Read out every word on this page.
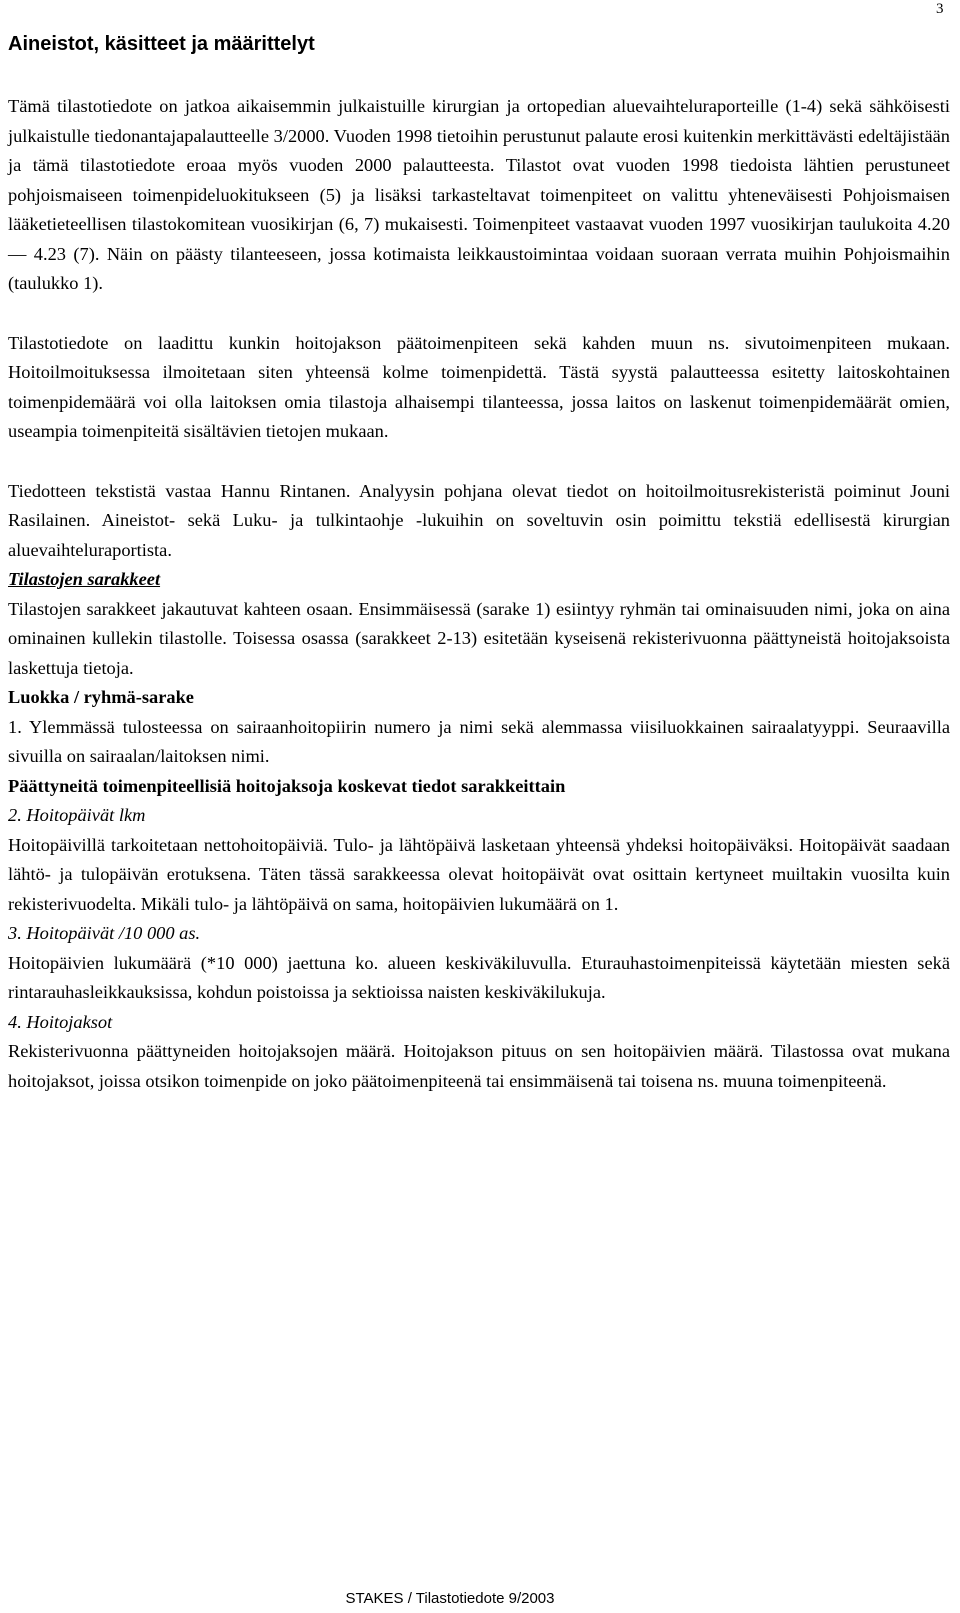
3
Aineistot, käsitteet ja määrittelyt

Tämä tilastotiedote on jatkoa aikaisemmin julkaistuille kirurgian ja ortopedian aluevaihteluraporteille (1-4) sekä sähköisesti julkaistulle tiedonantajapalautteelle 3/2000. Vuoden 1998 tietoihin perustunut palaute erosi kuitenkin merkittävästi edeltäjistään ja tämä tilastotiedote eroaa myös vuoden 2000 palautteesta. Tilastot ovat vuoden 1998 tiedoista lähtien perustuneet pohjoismaiseen toimenpideluokitukseen (5) ja lisäksi tarkasteltavat toimenpiteet on valittu yhteneväisesti Pohjoismaisen lääketieteellisen tilastokomitean vuosikirjan (6, 7) mukaisesti. Toimenpiteet vastaavat vuoden 1997 vuosikirjan taulukoita 4.20 — 4.23 (7). Näin on päästy tilanteeseen, jossa kotimaista leikkaustoimintaa voidaan suoraan verrata muihin Pohjoismaihin (taulukko 1).

Tilastotiedote on laadittu kunkin hoitojakson päätoimenpiteen sekä kahden muun ns. sivutoimenpiteen mukaan. Hoitoilmoituksessa ilmoitetaan siten yhteensä kolme toimenpidettä. Tästä syystä palautteessa esitetty laitoskohtainen toimenpidemäärä voi olla laitoksen omia tilastoja alhaisempi tilanteessa, jossa laitos on laskenut toimenpidemäärät omien, useampia toimenpiteitä sisältävien tietojen mukaan.

Tiedotteen tekstistä vastaa Hannu Rintanen. Analyysin pohjana olevat tiedot on hoitoilmoitusrekisteristä poiminut Jouni Rasilainen. Aineistot- sekä Luku- ja tulkintaohje -lukuihin on soveltuvin osin poimittu tekstiä edellisestä kirurgian aluevaihteluraportista.

Tilastojen sarakkeet

Tilastojen sarakkeet jakautuvat kahteen osaan. Ensimmäisessä (sarake 1) esiintyy ryhmän tai ominaisuuden nimi, joka on aina ominainen kullekin tilastolle. Toisessa osassa (sarakkeet 2-13) esitetään kyseisenä rekisterivuonna päättyneistä hoitojaksoista laskettuja tietoja.

Luokka / ryhmä-sarake

1. Ylemmässä tulosteessa on sairaanhoitopiirin numero ja nimi sekä alemmassa viisiluokkainen sairaalatyyppi. Seuraavilla sivuilla on sairaalan/laitoksen nimi.

Päättyneitä toimenpiteellisiä hoitojaksoja koskevat tiedot sarakkeittain
2. Hoitopäivät lkm

Hoitopäivillä tarkoitetaan nettohoitopäiviä. Tulo- ja lähtöpäivä lasketaan yhteensä yhdeksi hoitopäiväksi. Hoitopäivät saadaan lähtö- ja tulopäivän erotuksena. Täten tässä sarakkeessa olevat hoitopäivät ovat osittain kertyneet muiltakin vuosilta kuin rekisterivuodelta. Mikäli tulo- ja lähtöpäivä on sama, hoitopäivien lukumäärä on 1.

3. Hoitopäivät /10 000 as.

Hoitopäivien lukumäärä (*10 000) jaettuna ko. alueen keskiväkiluvulla. Eturauhastoimenpiteissä käytetään miesten sekä rintarauhasleikkauksissa, kohdun poistoissa ja sektioissa naisten keskiväkilukuja.

4. Hoitojaksot

Rekisterivuonna päättyneiden hoitojaksojen määrä. Hoitojakson pituus on sen hoitopäivien määrä. Tilastossa ovat mukana hoitojaksot, joissa otsikon toimenpide on joko päätoimenpiteenä tai ensimmäisenä tai toisena ns. muuna toimenpiteenä.

STAKES / Tilastotiedote 9/2003
